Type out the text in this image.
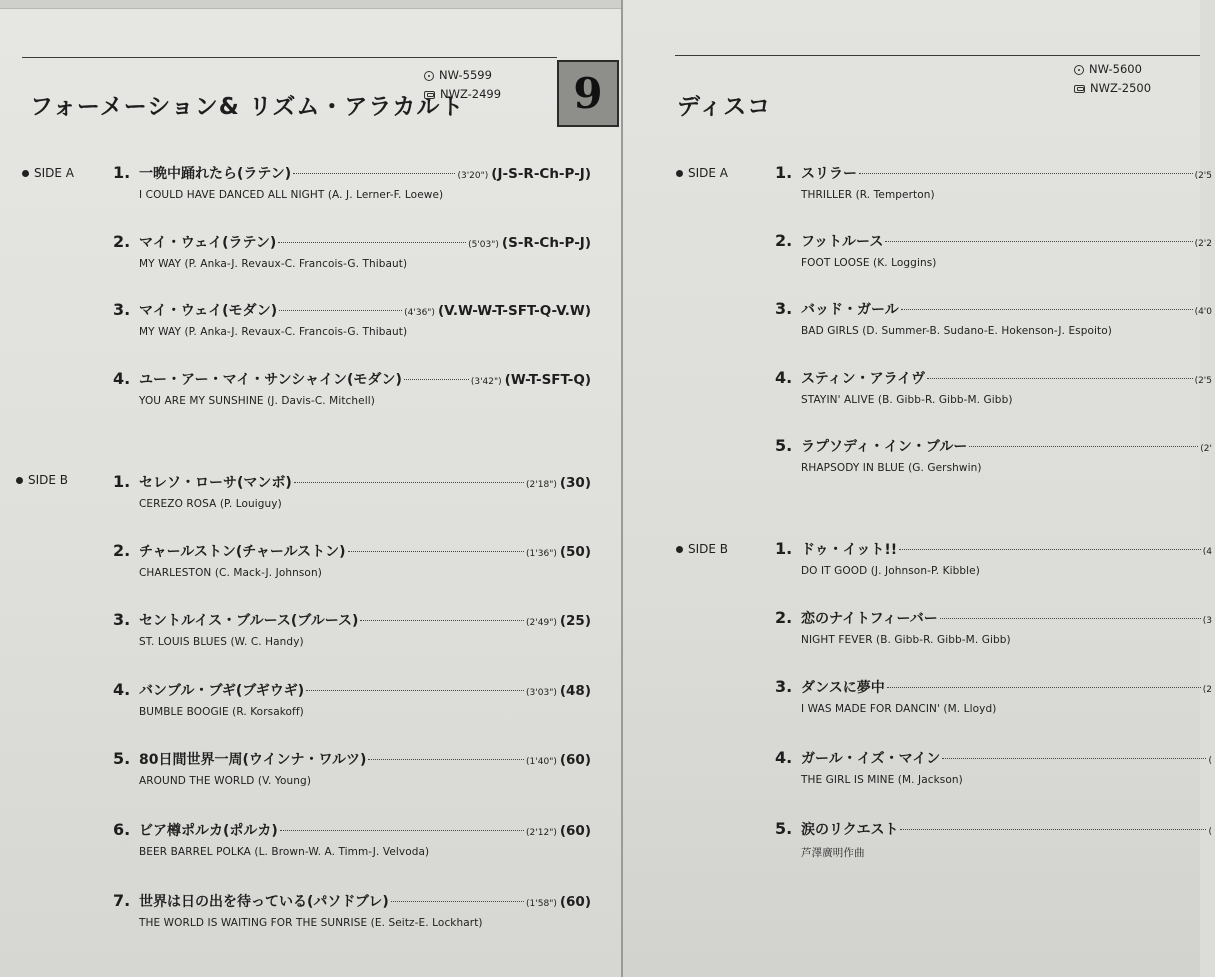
フォーメーション& リズム・アラカルト
NW-5599
NWZ-2499	9
SIDE A
SIDE B
1. 一晩中踊れたら(ラテン)	(3'20") (J-S-R-Ch-P-J)
I COULD HAVE DANCED ALL NIGHT (A. J. Lerner-F. Loewe)
2. マイ・ウェイ(ラテン)	(5'03") (S-R-Ch-P-J)
MY WAY (P. Anka-J. Revaux-C. Francois-G. Thibaut)
3. マイ・ウェイ(モダン)	(4'36") (V.W-W-T-SFT-Q-V.W)
MY WAY (P. Anka-J. Revaux-C. Francois-G. Thibaut)
4. ユー・アー・マイ・サンシャイン(モダン)	(3'42") (W-T-SFT-Q)
YOU ARE MY SUNSHINE (J. Davis-C. Mitchell)
1. セレソ・ローサ(マンボ)	(2'18") (30)
CEREZO ROSA (P. Louiguy)
2. チャールストン(チャールストン)	(1'36") (50)
CHARLESTON (C. Mack-J. Johnson)
3. セントルイス・ブルース(ブルース)	(2'49") (25)
ST. LOUIS BLUES (W. C. Handy)
4. バンブル・ブギ(ブギウギ)	(3'03") (48)
BUMBLE BOOGIE (R. Korsakoff)
5. 80日間世界一周(ウインナ・ワルツ)	(1'40") (60)
AROUND THE WORLD (V. Young)
6. ビア樽ポルカ(ポルカ)	(2'12") (60)
BEER BARREL POLKA (L. Brown-W. A. Timm-J. Velvoda)
7. 世界は日の出を待っている(パソドブレ)	(1'58") (60)
THE WORLD IS WAITING FOR THE SUNRISE (E. Seitz-E. Lockhart)
ディスコ
NW-5600
NWZ-2500
SIDE A
SIDE B
1. スリラー	(2'5
THRILLER (R. Temperton)
2. フットルース	(2'2
FOOT LOOSE (K. Loggins)
3. バッド・ガール	(4'0
BAD GIRLS (D. Summer-B. Sudano-E. Hokenson-J. Espoito)
4. スティン・アライヴ	(2'5
STAYIN' ALIVE (B. Gibb-R. Gibb-M. Gibb)
5. ラプソディ・イン・ブルー	(2'
RHAPSODY IN BLUE (G. Gershwin)
1. ドゥ・イット!!	(4
DO IT GOOD (J. Johnson-P. Kibble)
2. 恋のナイトフィーバー	(3
NIGHT FEVER (B. Gibb-R. Gibb-M. Gibb)
3. ダンスに夢中	(2
I WAS MADE FOR DANCIN' (M. Lloyd)
4. ガール・イズ・マイン	(
THE GIRL IS MINE (M. Jackson)
5. 涙のリクエスト	(
芦澤廣明作曲
